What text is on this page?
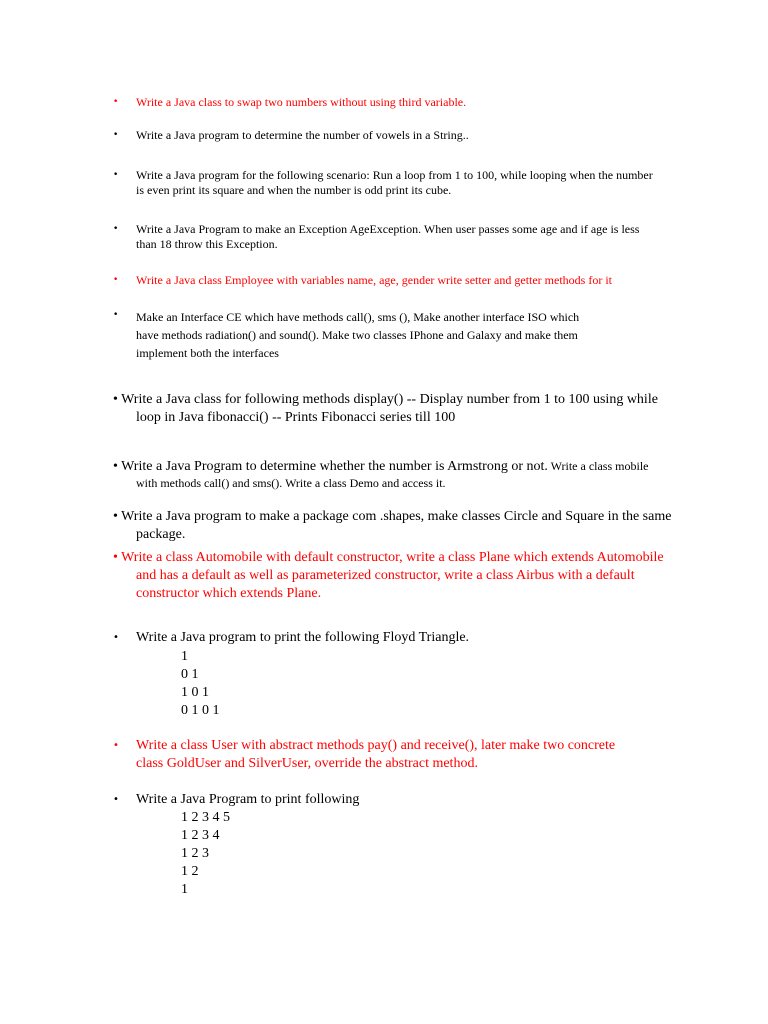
•	Write a Java class to swap two numbers without using third variable.
•	Write a Java program to determine the number of vowels in a String..
•	Write a Java program for the following scenario: Run a loop from 1 to 100, while looping when the number
is even print its square and when the number is odd print its cube.
•	Write a Java Program to make an Exception AgeException. When user passes some age and if age is less
than 18 throw this Exception.
•	Write a Java class Employee with variables name, age, gender write setter and getter methods for it
•	Make an Interface CE which have methods call(), sms (), Make another interface ISO which
have methods radiation() and sound(). Make two classes IPhone and Galaxy and make them
implement both the interfaces
• Write a Java class for following methods display() -- Display number from 1 to 100 using while
loop in Java fibonacci() -- Prints Fibonacci series till 100
• Write a Java Program to determine whether the number is Armstrong or not. Write a class mobile
with methods call() and sms(). Write a class Demo and access it.
• Write a Java program to make a package com .shapes, make classes Circle and Square in the same
package.
• Write a class Automobile with default constructor, write a class Plane which extends Automobile
and has a default as well as parameterized constructor, write a class Airbus with a default
constructor which extends Plane.
•	Write a Java program to print the following Floyd Triangle.
1
0 1
1 0 1
0 1 0 1
•	Write a class User with abstract methods pay() and receive(), later make two concrete
class GoldUser and SilverUser, override the abstract method.
•	Write a Java Program to print following
1 2 3 4 5
1 2 3 4
1 2 3
1 2
1
